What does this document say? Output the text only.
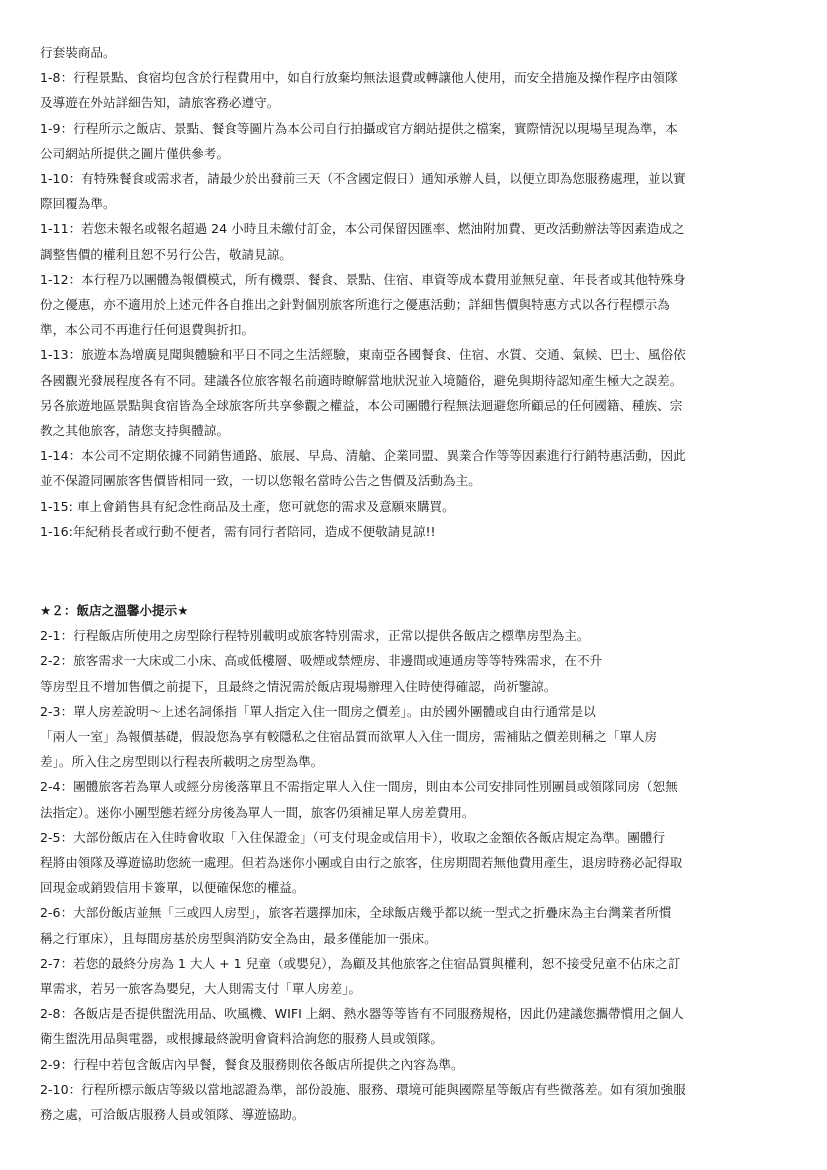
行套裝商品。

1-8：行程景點、食宿均包含於行程費用中，如自行放棄均無法退費或轉讓他人使用，而安全措施及操作程序由領隊
及導遊在外站詳細告知，請旅客務必遵守。

1-9：行程所示之飯店、景點、餐食等圖片為本公司自行拍攝或官方網站提供之檔案，實際情況以現場呈現為準，本
公司網站所提供之圖片僅供參考。

1-10：有特殊餐食或需求者，請最少於出發前三天（不含國定假日）通知承辦人員，以便立即為您服務處理，並以實
際回覆為準。

1-11：若您未報名或報名超過 24 小時且未繳付訂金，本公司保留因匯率、燃油附加費、更改活動辦法等因素造成之
調整售價的權利且恕不另行公告，敬請見諒。

1-12：本行程乃以團體為報價模式，所有機票、餐食、景點、住宿、車資等成本費用並無兒童、年長者或其他特殊身
份之優惠，亦不適用於上述元件各自推出之針對個別旅客所進行之優惠活動；詳細售價與特惠方式以各行程標示為
準，本公司不再進行任何退費與折扣。

1-13：旅遊本為增廣見聞與體驗和平日不同之生活經驗，東南亞各國餐食、住宿、水質、交通、氣候、巴士、風俗依
各國觀光發展程度各有不同。建議各位旅客報名前適時瞭解當地狀況並入境隨俗，避免與期待認知產生極大之誤差。
另各旅遊地區景點與食宿皆為全球旅客所共享參觀之權益，本公司團體行程無法迴避您所顧忌的任何國籍、種族、宗
教之其他旅客，請您支持與體諒。

1-14：本公司不定期依據不同銷售通路、旅展、早鳥、清艙、企業同盟、異業合作等等因素進行行銷特惠活動，因此
並不保證同團旅客售價皆相同一致，一切以您報名當時公告之售價及活動為主。

1-15: 車上會銷售具有紀念性商品及土產，您可就您的需求及意願來購買。

1-16:年紀稍長者或行動不便者，需有同行者陪同，造成不便敬請見諒!!

★２：飯店之溫馨小提示★

2-1：行程飯店所使用之房型除行程特別載明或旅客特別需求，正常以提供各飯店之標準房型為主。

2-2：旅客需求一大床或二小床、高或低樓層、吸煙或禁煙房、非邊間或連通房等等特殊需求，在不升
等房型且不增加售價之前提下，且最終之情況需於飯店現場辦理入住時使得確認，尚祈鑒諒。

2-3：單人房差說明～上述名詞係指「單人指定入住一間房之價差」。由於國外團體或自由行通常是以
「兩人一室」為報價基礎，假設您為享有較隱私之住宿品質而欲單人入住一間房，需補貼之價差則稱之「單人房
差」。所入住之房型則以行程表所載明之房型為準。

2-4：團體旅客若為單人或經分房後落單且不需指定單人入住一間房，則由本公司安排同性別團員或領隊同房（恕無
法指定）。迷你小團型態若經分房後為單人一間，旅客仍須補足單人房差費用。

2-5：大部份飯店在入住時會收取「入住保證金」（可支付現金或信用卡），收取之金額依各飯店規定為準。團體行
程將由領隊及導遊協助您統一處理。但若為迷你小團或自由行之旅客，住房期間若無他費用產生，退房時務必記得取
回現金或銷毀信用卡簽單，以便確保您的權益。

2-6：大部份飯店並無「三或四人房型」，旅客若選擇加床，全球飯店幾乎都以統一型式之折疊床為主台灣業者所慣
稱之行軍床），且每間房基於房型與消防安全為由，最多僅能加一張床。

2-7：若您的最終分房為 1 大人 + 1 兒童（或嬰兒），為顧及其他旅客之住宿品質與權利，恕不接受兒童不佔床之訂
單需求，若另一旅客為嬰兒，大人則需支付「單人房差」。

2-8：各飯店是否提供盥洗用品、吹風機、WIFI 上網、熱水器等等皆有不同服務規格，因此仍建議您攜帶慣用之個人
衛生盥洗用品與電器，或根據最終說明會資料洽詢您的服務人員或領隊。

2-9：行程中若包含飯店內早餐，餐食及服務則依各飯店所提供之內容為準。

2-10：行程所標示飯店等級以當地認證為準，部份設施、服務、環境可能與國際星等飯店有些微落差。如有須加強服
務之處，可洽飯店服務人員或領隊、導遊協助。
